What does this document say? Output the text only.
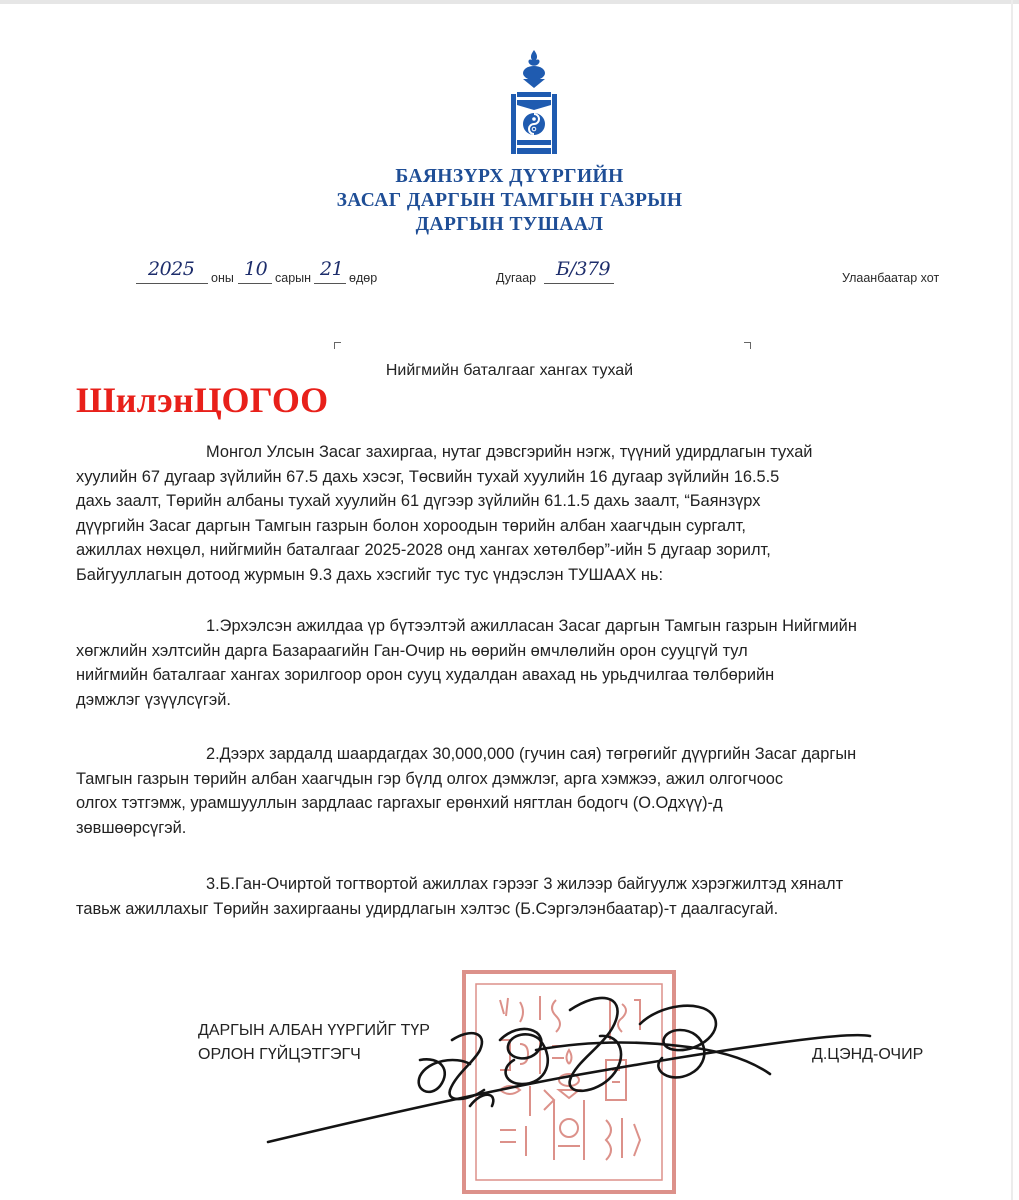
БАЯНЗҮРХ ДҮҮРГИЙН
ЗАСАГ ДАРГЫН ТАМГЫН ГАЗРЫН
ДАРГЫН ТУШААЛ
2025 оны 10 сарын 21 өдөр	Дугаар Б/379	Улаанбаатар хот
Нийгмийн баталгааг хангах тухай
ШилэнЦОГОО
Монгол Улсын Засаг захиргаа, нутаг дэвсгэрийн нэгж, түүний удирдлагын тухай
хуулийн 67 дугаар зүйлийн 67.5 дахь хэсэг, Төсвийн тухай хуулийн 16 дугаар зүйлийн 16.5.5
дахь заалт, Төрийн албаны тухай хуулийн 61 дүгээр зүйлийн 61.1.5 дахь заалт, “Баянзүрх
дүүргийн Засаг даргын Тамгын газрын болон хороодын төрийн албан хаагчдын сургалт,
ажиллах нөхцөл, нийгмийн баталгааг 2025-2028 онд хангах хөтөлбөр”-ийн 5 дугаар зорилт,
Байгууллагын дотоод журмын 9.3 дахь хэсгийг тус тус үндэслэн ТУШААХ нь:
1.Эрхэлсэн ажилдаа үр бүтээлтэй ажилласан Засаг даргын Тамгын газрын Нийгмийн
хөгжлийн хэлтсийн дарга Базараагийн Ган-Очир нь өөрийн өмчлөлийн орон сууцгүй тул
нийгмийн баталгааг хангах зорилгоор орон сууц худалдан авахад нь урьдчилгаа төлбөрийн
дэмжлэг үзүүлсүгэй.
2.Дээрх зардалд шаардагдах 30,000,000 (гучин сая) төгрөгийг дүүргийн Засаг даргын
Тамгын газрын төрийн албан хаагчдын гэр бүлд олгох дэмжлэг, арга хэмжээ, ажил олгогчоос
олгох тэтгэмж, урамшууллын зардлаас гаргахыг ерөнхий нягтлан бодогч (О.Одхүү)-д
зөвшөөрсүгэй.
3.Б.Ган-Очиртой тогтвортой ажиллах гэрээг 3 жилээр байгуулж хэрэгжилтэд хяналт
тавьж ажиллахыг Төрийн захиргааны удирдлагын хэлтэс (Б.Сэргэлэнбаатар)-т даалгасугай.
ДАРГЫН АЛБАН ҮҮРГИЙГ ТҮР
ОРЛОН ГҮЙЦЭТГЭГЧ	Д.ЦЭНД-ОЧИР
